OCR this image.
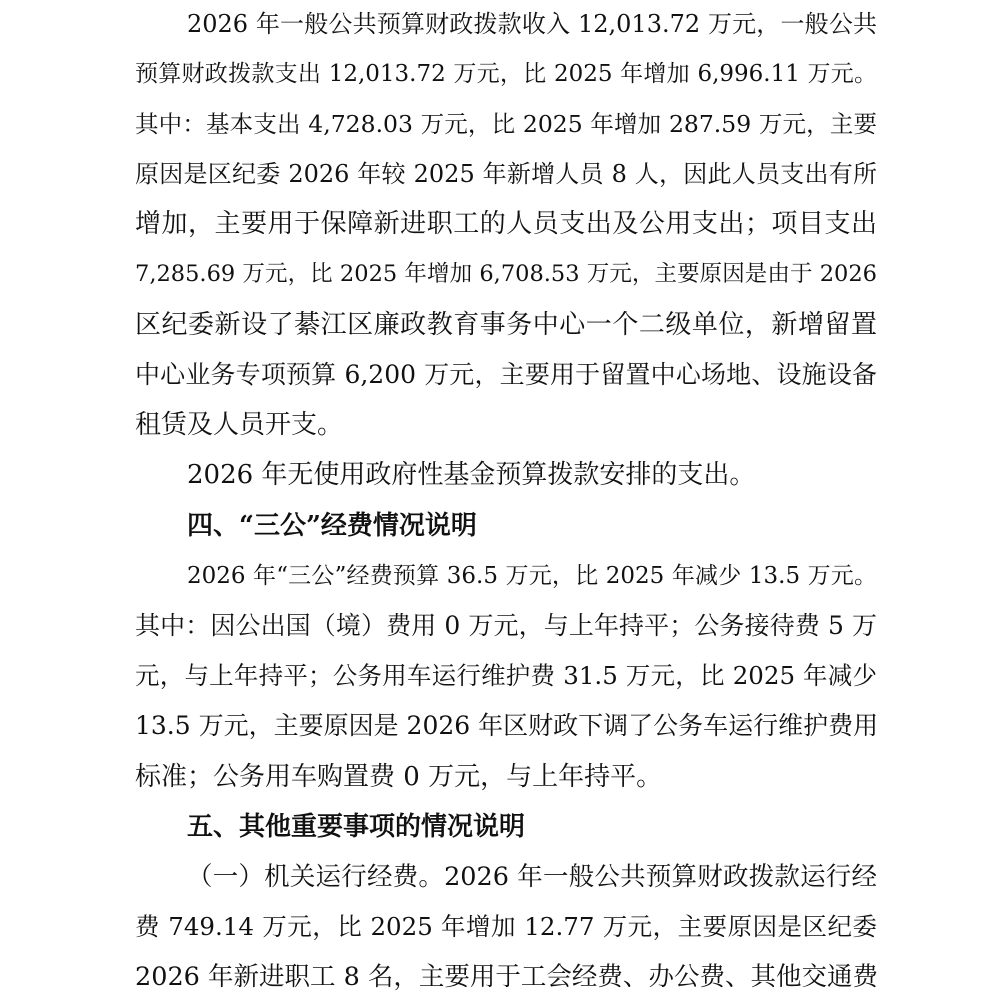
2026 年一般公共预算财政拨款收入 12,013.72 万元，一般公共
预算财政拨款支出 12,013.72 万元，比 2025 年增加 6,996.11 万元。
其中：基本支出 4,728.03 万元，比 2025 年增加 287.59 万元，主要
原因是区纪委 2026 年较 2025 年新增人员 8 人，因此人员支出有所
增加，主要用于保障新进职工的人员支出及公用支出；项目支出
7,285.69 万元，比 2025 年增加 6,708.53 万元，主要原因是由于 2026
区纪委新设了綦江区廉政教育事务中心一个二级单位，新增留置
中心业务专项预算 6,200 万元，主要用于留置中心场地、设施设备
租赁及人员开支。
2026 年无使用政府性基金预算拨款安排的支出。
四、“三公”经费情况说明
2026 年“三公”经费预算 36.5 万元，比 2025 年减少 13.5 万元。
其中：因公出国（境）费用 0 万元，与上年持平；公务接待费 5 万
元，与上年持平；公务用车运行维护费 31.5 万元，比 2025 年减少
13.5 万元，主要原因是 2026 年区财政下调了公务车运行维护费用
标准；公务用车购置费 0 万元，与上年持平。
五、其他重要事项的情况说明
（一）机关运行经费。2026 年一般公共预算财政拨款运行经
费 749.14 万元，比 2025 年增加 12.77 万元，主要原因是区纪委
2026 年新进职工 8 名，主要用于工会经费、办公费、其他交通费
